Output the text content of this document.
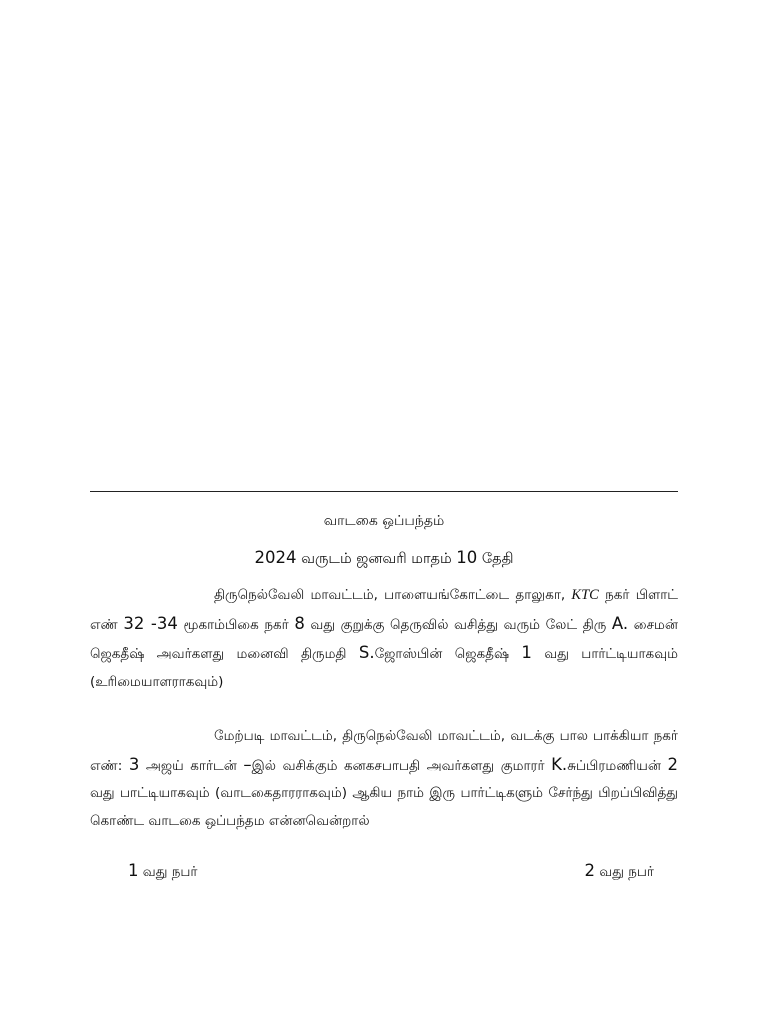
வாடகை ஒப்பந்தம்
2024 வருடம் ஜனவரி மாதம் 10 தேதி

திருநெல்வேலி மாவட்டம், பாளையங்கோட்டை தாலுகா, KTC நகர் பிளாட் எண் 32 -34 மூகாம்பிகை நகர் 8 வது குறுக்கு தெருவில் வசித்து வரும் லேட் திரு A. சைமன் ஜெகதீஷ் அவர்களது மனைவி திருமதி S.ஜோஸ்பின் ஜெகதீஷ் 1 வது பார்ட்டியாகவும் (உரிமையாளராகவும்)

மேற்படி மாவட்டம், திருநெல்வேலி மாவட்டம், வடக்கு பால பாக்கியா நகர் எண்: 3 அஜய் கார்டன் –இல் வசிக்கும் கனகசபாபதி அவர்களது குமாரர் K.சுப்பிரமணியன் 2 வது பாட்டியாகவும் (வாடகைதாரராகவும்) ஆகிய நாம் இரு பார்ட்டிகளும் சேர்ந்து பிறப்பிவித்து கொண்ட வாடகை ஒப்பந்தம என்னவென்றால்

1 வது நபர்	2 வது நபர்
